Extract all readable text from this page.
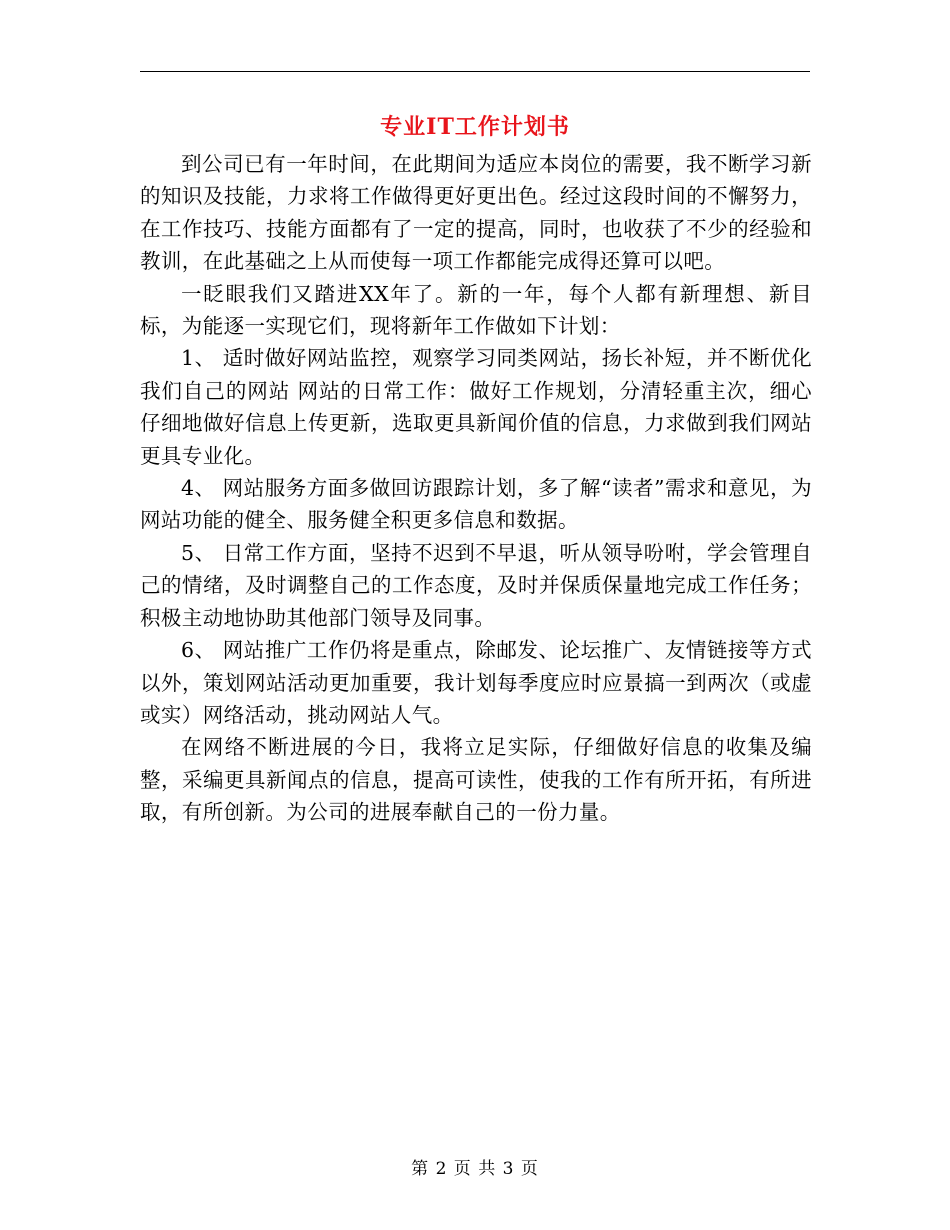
专业IT工作计划书

到公司已有一年时间，在此期间为适应本岗位的需要，我不断学习新的知识及技能，力求将工作做得更好更出色。经过这段时间的不懈努力，在工作技巧、技能方面都有了一定的提高，同时，也收获了不少的经验和教训，在此基础之上从而使每一项工作都能完成得还算可以吧。

一眨眼我们又踏进XX年了。新的一年，每个人都有新理想、新目标，为能逐一实现它们，现将新年工作做如下计划：

1、 适时做好网站监控，观察学习同类网站，扬长补短，并不断优化我们自己的网站 网站的日常工作：做好工作规划，分清轻重主次，细心仔细地做好信息上传更新，选取更具新闻价值的信息，力求做到我们网站更具专业化。

4、 网站服务方面多做回访跟踪计划，多了解“读者”需求和意见，为网站功能的健全、服务健全积更多信息和数据。

5、 日常工作方面，坚持不迟到不早退，听从领导吩咐，学会管理自己的情绪，及时调整自己的工作态度，及时并保质保量地完成工作任务；积极主动地协助其他部门领导及同事。

6、 网站推广工作仍将是重点，除邮发、论坛推广、友情链接等方式以外，策划网站活动更加重要，我计划每季度应时应景搞一到两次（或虚或实）网络活动，挑动网站人气。

在网络不断进展的今日，我将立足实际，仔细做好信息的收集及编整，采编更具新闻点的信息，提高可读性，使我的工作有所开拓，有所进取，有所创新。为公司的进展奉献自己的一份力量。

第 2 页 共 3 页
